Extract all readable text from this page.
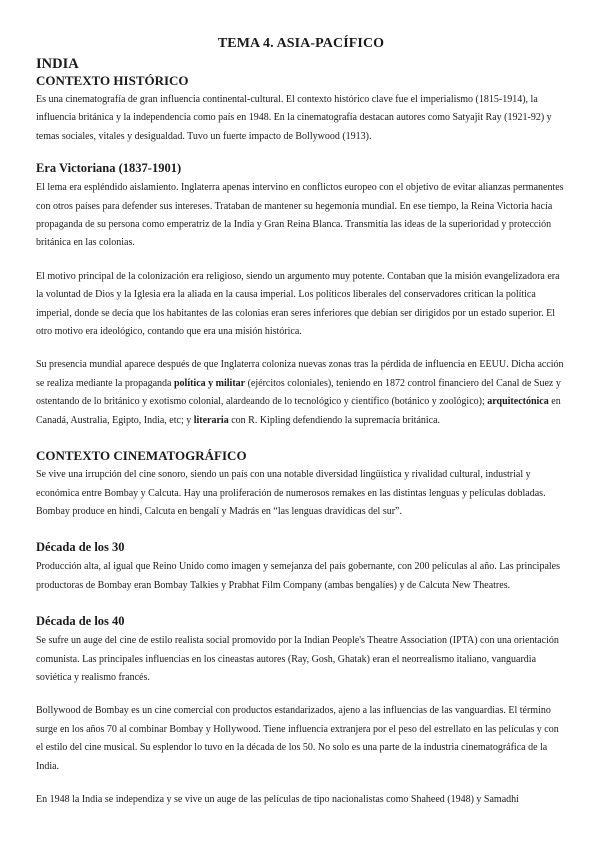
TEMA 4. ASIA-PACÍFICO
INDIA
CONTEXTO HISTÓRICO

Es una cinematografía de gran influencia continental-cultural. El contexto histórico clave fue el imperialismo (1815-1914), la influencia británica y la independencia como país en 1948. En la cinematografía destacan autores como Satyajit Ray (1921-92) y temas sociales, vitales y desigualdad. Tuvo un fuerte impacto de Bollywood (1913).

Era Victoriana (1837-1901)

El lema era espléndido aislamiento. Inglaterra apenas intervino en conflictos europeo con el objetivo de evitar alianzas permanentes con otros países para defender sus intereses. Trataban de mantener su hegemonía mundial. En ese tiempo, la Reina Victoria hacía propaganda de su persona como emperatriz de la India y Gran Reina Blanca. Transmitía las ideas de la superioridad y protección británica en las colonias.

El motivo principal de la colonización era religioso, siendo un argumento muy potente. Contaban que la misión evangelizadora era la voluntad de Dios y la Iglesia era la aliada en la causa imperial. Los políticos liberales del conservadores critican la política imperial, donde se decía que los habitantes de las colonias eran seres inferiores que debían ser dirigidos por un estado superior. El otro motivo era ideológico, contando que era una misión histórica.

Su presencia mundial aparece después de que Inglaterra coloniza nuevas zonas tras la pérdida de influencia en EEUU. Dicha acción se realiza mediante la propaganda política y militar (ejércitos coloniales), teniendo en 1872 control financiero del Canal de Suez y ostentando de lo británico y exotismo colonial, alardeando de lo tecnológico y científico (botánico y zoológico); arquitectónica en Canadá, Australia, Egipto, India, etc; y literaria con R. Kipling defendiendo la supremacía británica.

CONTEXTO CINEMATOGRÁFICO

Se vive una irrupción del cine sonoro, siendo un país con una notable diversidad lingüística y rivalidad cultural, industrial y económica entre Bombay y Calcuta. Hay una proliferación de numerosos remakes en las distintas lenguas y películas dobladas. Bombay produce en hindi, Calcuta en bengalí y Madrás en “las lenguas dravídicas del sur”.

Década de los 30

Producción alta, al igual que Reino Unido como imagen y semejanza del país gobernante, con 200 películas al año. Las principales productoras de Bombay eran Bombay Talkies y Prabhat Film Company (ambas bengalíes) y de Calcuta New Theatres.

Década de los 40

Se sufre un auge del cine de estilo realista social promovido por la Indian People's Theatre Association (IPTA) con una orientación comunista. Las principales influencias en los cineastas autores (Ray, Gosh, Ghatak) eran el neorrealismo italiano, vanguardia soviética y realismo francés.

Bollywood de Bombay es un cine comercial con productos estandarizados, ajeno a las influencias de las vanguardias. El término surge en los años 70 al combinar Bombay y Hollywood. Tiene influencia extranjera por el peso del estrellato en las películas y con el estilo del cine musical. Su esplendor lo tuvo en la década de los 50. No solo es una parte de la industria cinematográfica de la India.

En 1948 la India se independiza y se vive un auge de las películas de tipo nacionalistas como Shaheed (1948) y Samadhi
